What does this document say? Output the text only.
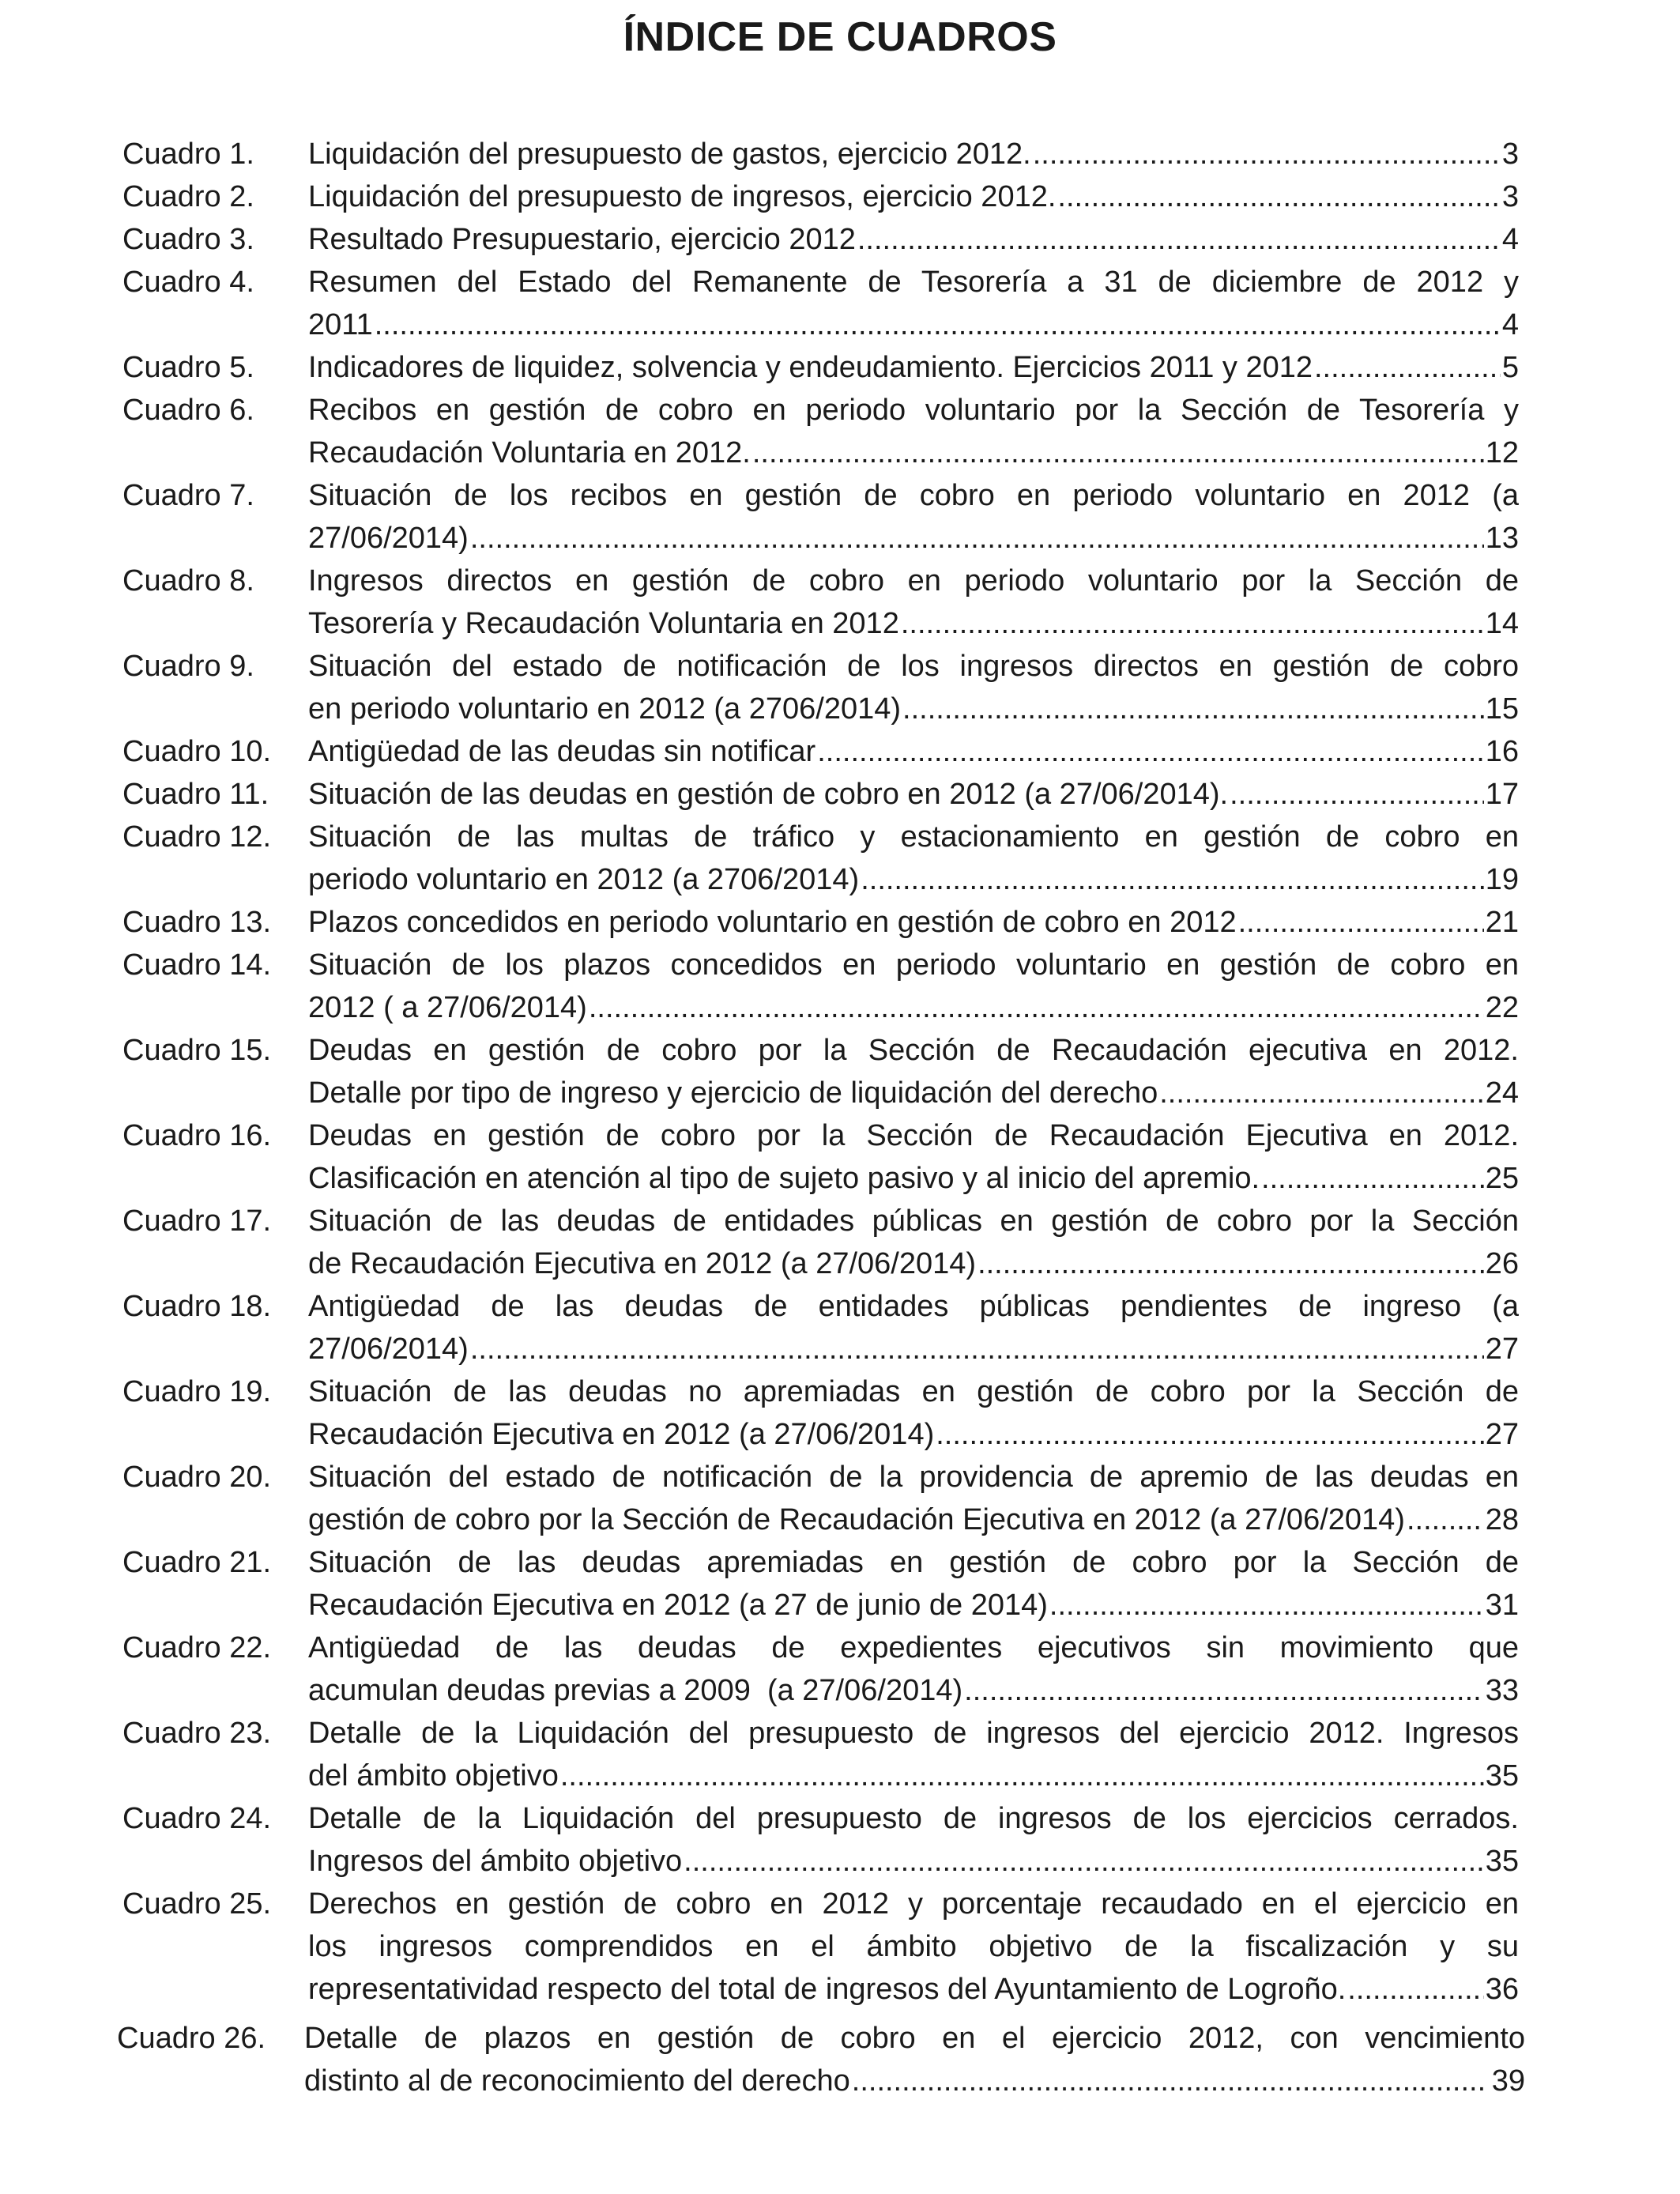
ÍNDICE DE CUADROS
Cuadro 1. Liquidación del presupuesto de gastos, ejercicio 2012. .....	3
Cuadro 2. Liquidación del presupuesto de ingresos, ejercicio 2012. .....	3
Cuadro 3. Resultado Presupuestario, ejercicio 2012 .....	4
Cuadro 4. Resumen del Estado del Remanente de Tesorería a 31 de diciembre de 2012 y
2011 .....	4
Cuadro 5. Indicadores de liquidez, solvencia y endeudamiento. Ejercicios 2011 y 2012 .....	5
Cuadro 6. Recibos en gestión de cobro en periodo voluntario por la Sección de Tesorería y
Recaudación Voluntaria en 2012. .....	12
Cuadro 7. Situación de los recibos en gestión de cobro en periodo voluntario en 2012 (a
27/06/2014) .....	13
Cuadro 8. Ingresos directos en gestión de cobro en periodo voluntario por la Sección de
Tesorería y Recaudación Voluntaria en 2012 .....	14
Cuadro 9. Situación del estado de notificación de los ingresos directos en gestión de cobro
en periodo voluntario en 2012 (a 2706/2014) .....	15
Cuadro 10. Antigüedad de las deudas sin notificar .....	16
Cuadro 11. Situación de las deudas en gestión de cobro en 2012 (a 27/06/2014). .....	17
Cuadro 12. Situación de las multas de tráfico y estacionamiento en gestión de cobro en
periodo voluntario en 2012 (a 2706/2014) .....	19
Cuadro 13. Plazos concedidos en periodo voluntario en gestión de cobro en 2012 .....	21
Cuadro 14. Situación de los plazos concedidos en periodo voluntario en gestión de cobro en
2012 ( a 27/06/2014) .....	22
Cuadro 15. Deudas en gestión de cobro por la Sección de Recaudación ejecutiva en 2012.
Detalle por tipo de ingreso y ejercicio de liquidación del derecho .....	24
Cuadro 16. Deudas en gestión de cobro por la Sección de Recaudación Ejecutiva en 2012.
Clasificación en atención al tipo de sujeto pasivo y al inicio del apremio. .....	25
Cuadro 17. Situación de las deudas de entidades públicas en gestión de cobro por la Sección
de Recaudación Ejecutiva en 2012 (a 27/06/2014) .....	26
Cuadro 18. Antigüedad de las deudas de entidades públicas pendientes de ingreso (a
27/06/2014) .....	27
Cuadro 19. Situación de las deudas no apremiadas en gestión de cobro por la Sección de
Recaudación Ejecutiva en 2012 (a 27/06/2014) .....	27
Cuadro 20. Situación del estado de notificación de la providencia de apremio de las deudas en
gestión de cobro por la Sección de Recaudación Ejecutiva en 2012 (a 27/06/2014) .....	28
Cuadro 21. Situación de las deudas apremiadas en gestión de cobro por la Sección de
Recaudación Ejecutiva en 2012 (a 27 de junio de 2014) .....	31
Cuadro 22. Antigüedad de las deudas de expedientes ejecutivos sin movimiento que
acumulan deudas previas a 2009  (a 27/06/2014) .....	33
Cuadro 23. Detalle de la Liquidación del presupuesto de ingresos del ejercicio 2012. Ingresos
del ámbito objetivo .....	35
Cuadro 24. Detalle de la Liquidación del presupuesto de ingresos de los ejercicios cerrados.
Ingresos del ámbito objetivo .....	35
Cuadro 25. Derechos en gestión de cobro en 2012 y porcentaje recaudado en el ejercicio en
los ingresos comprendidos en el ámbito objetivo de la fiscalización y su
representatividad respecto del total de ingresos del Ayuntamiento de Logroño. .....	36
Cuadro 26. Detalle de plazos en gestión de cobro en el ejercicio 2012, con vencimiento
distinto al de reconocimiento del derecho .....	39
